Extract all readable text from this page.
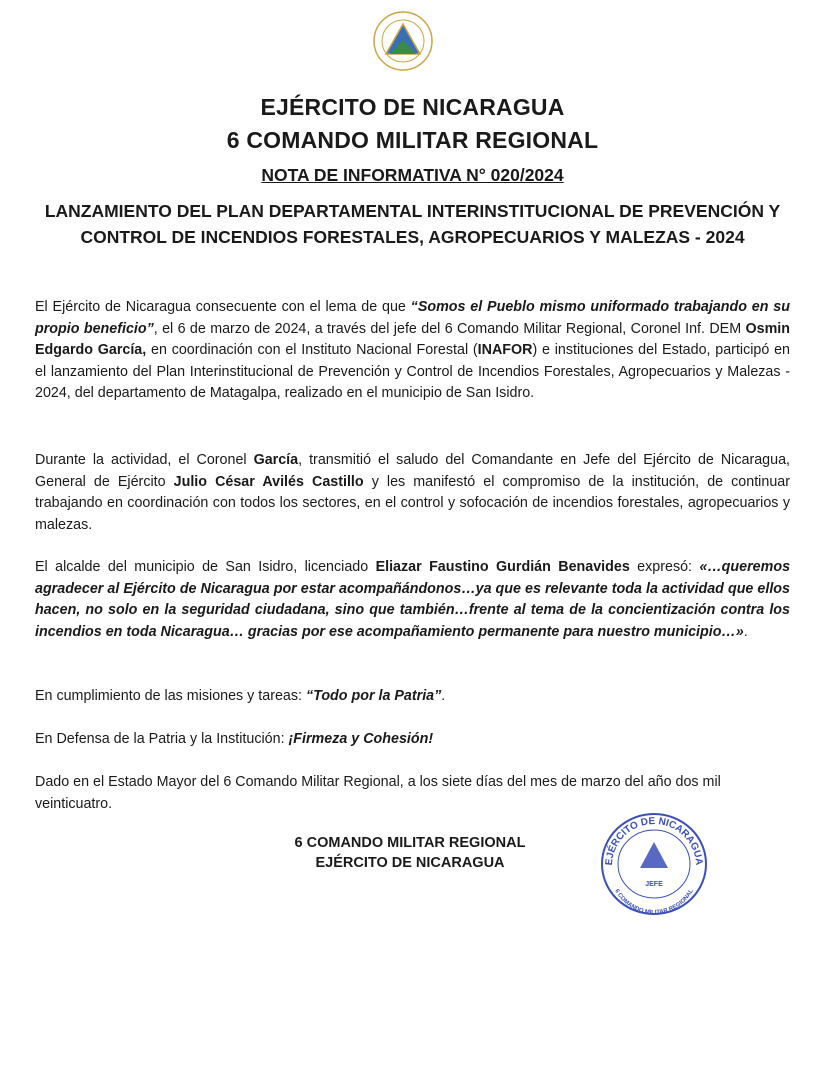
EJÉRCITO DE NICARAGUA
6 COMANDO MILITAR REGIONAL
NOTA DE INFORMATIVA N° 020/2024
LANZAMIENTO DEL PLAN DEPARTAMENTAL INTERINSTITUCIONAL DE PREVENCIÓN Y CONTROL DE INCENDIOS FORESTALES, AGROPECUARIOS Y MALEZAS - 2024
El Ejército de Nicaragua consecuente con el lema de que “Somos el Pueblo mismo uniformado trabajando en su propio beneficio”, el 6 de marzo de 2024, a través del jefe del 6 Comando Militar Regional, Coronel Inf. DEM Osmin Edgardo García, en coordinación con el Instituto Nacional Forestal (INAFOR) e instituciones del Estado, participó en el lanzamiento del Plan Interinstitucional de Prevención y Control de Incendios Forestales, Agropecuarios y Malezas - 2024, del departamento de Matagalpa, realizado en el municipio de San Isidro.
Durante la actividad, el Coronel García, transmitió el saludo del Comandante en Jefe del Ejército de Nicaragua, General de Ejército Julio César Avilés Castillo y les manifestó el compromiso de la institución, de continuar trabajando en coordinación con todos los sectores, en el control y sofocación de incendios forestales, agropecuarios y malezas.
El alcalde del municipio de San Isidro, licenciado Eliazar Faustino Gurdián Benavides expresó: «…queremos agradecer al Ejército de Nicaragua por estar acompañándonos…ya que es relevante toda la actividad que ellos hacen, no solo en la seguridad ciudadana, sino que también…frente al tema de la concientización contra los incendios en toda Nicaragua… gracias por ese acompañamiento permanente para nuestro municipio…».
En cumplimiento de las misiones y tareas: “Todo por la Patria”.
En Defensa de la Patria y la Institución: ¡Firmeza y Cohesión!
Dado en el Estado Mayor del 6 Comando Militar Regional, a los siete días del mes de marzo del año dos mil veinticuatro.
6 COMANDO MILITAR REGIONAL
EJÉRCITO DE NICARAGUA	EJÉRCITO DE NICARAGUA
6 COMANDO MILITAR REGIONAL
JEFE
